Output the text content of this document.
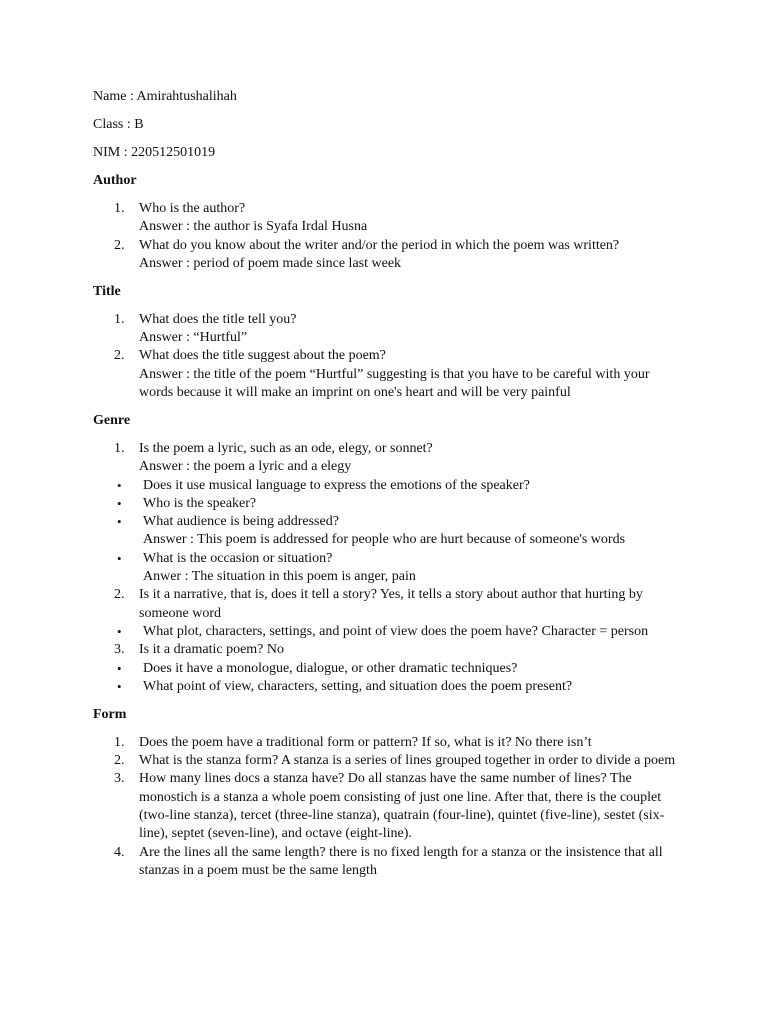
Name : Amirahtushalihah
Class : B
NIM : 220512501019
Author
1. Who is the author?
Answer : the author is Syafa Irdal Husna
2. What do you know about the writer and/or the period in which the poem was written?
Answer : period of poem made since last week
Title
1. What does the title tell you?
Answer : “Hurtful”
2. What does the title suggest about the poem?
Answer : the title of the poem “Hurtful” suggesting is that you have to be careful with your words because it will make an imprint on one's heart and will be very painful
Genre
1. Is the poem a lyric, such as an ode, elegy, or sonnet?
Answer : the poem a lyric and a elegy
• Does it use musical language to express the emotions of the speaker?
• Who is the speaker?
• What audience is being addressed?
Answer : This poem is addressed for people who are hurt because of someone's words
• What is the occasion or situation?
Anwer : The situation in this poem is anger, pain
2. Is it a narrative, that is, does it tell a story? Yes, it tells a story about author that hurting by someone word
• What plot, characters, settings, and point of view does the poem have? Character = person
3. Is it a dramatic poem? No
• Does it have a monologue, dialogue, or other dramatic techniques?
• What point of view, characters, setting, and situation does the poem present?
Form
1. Does the poem have a traditional form or pattern? If so, what is it? No there isn’t
2. What is the stanza form? A stanza is a series of lines grouped together in order to divide a poem
3. How many lines docs a stanza have? Do all stanzas have the same number of lines? The monostich is a stanza a whole poem consisting of just one line. After that, there is the couplet (two-line stanza), tercet (three-line stanza), quatrain (four-line), quintet (five-line), sestet (six-line), septet (seven-line), and octave (eight-line).
4. Are the lines all the same length? there is no fixed length for a stanza or the insistence that all stanzas in a poem must be the same length
